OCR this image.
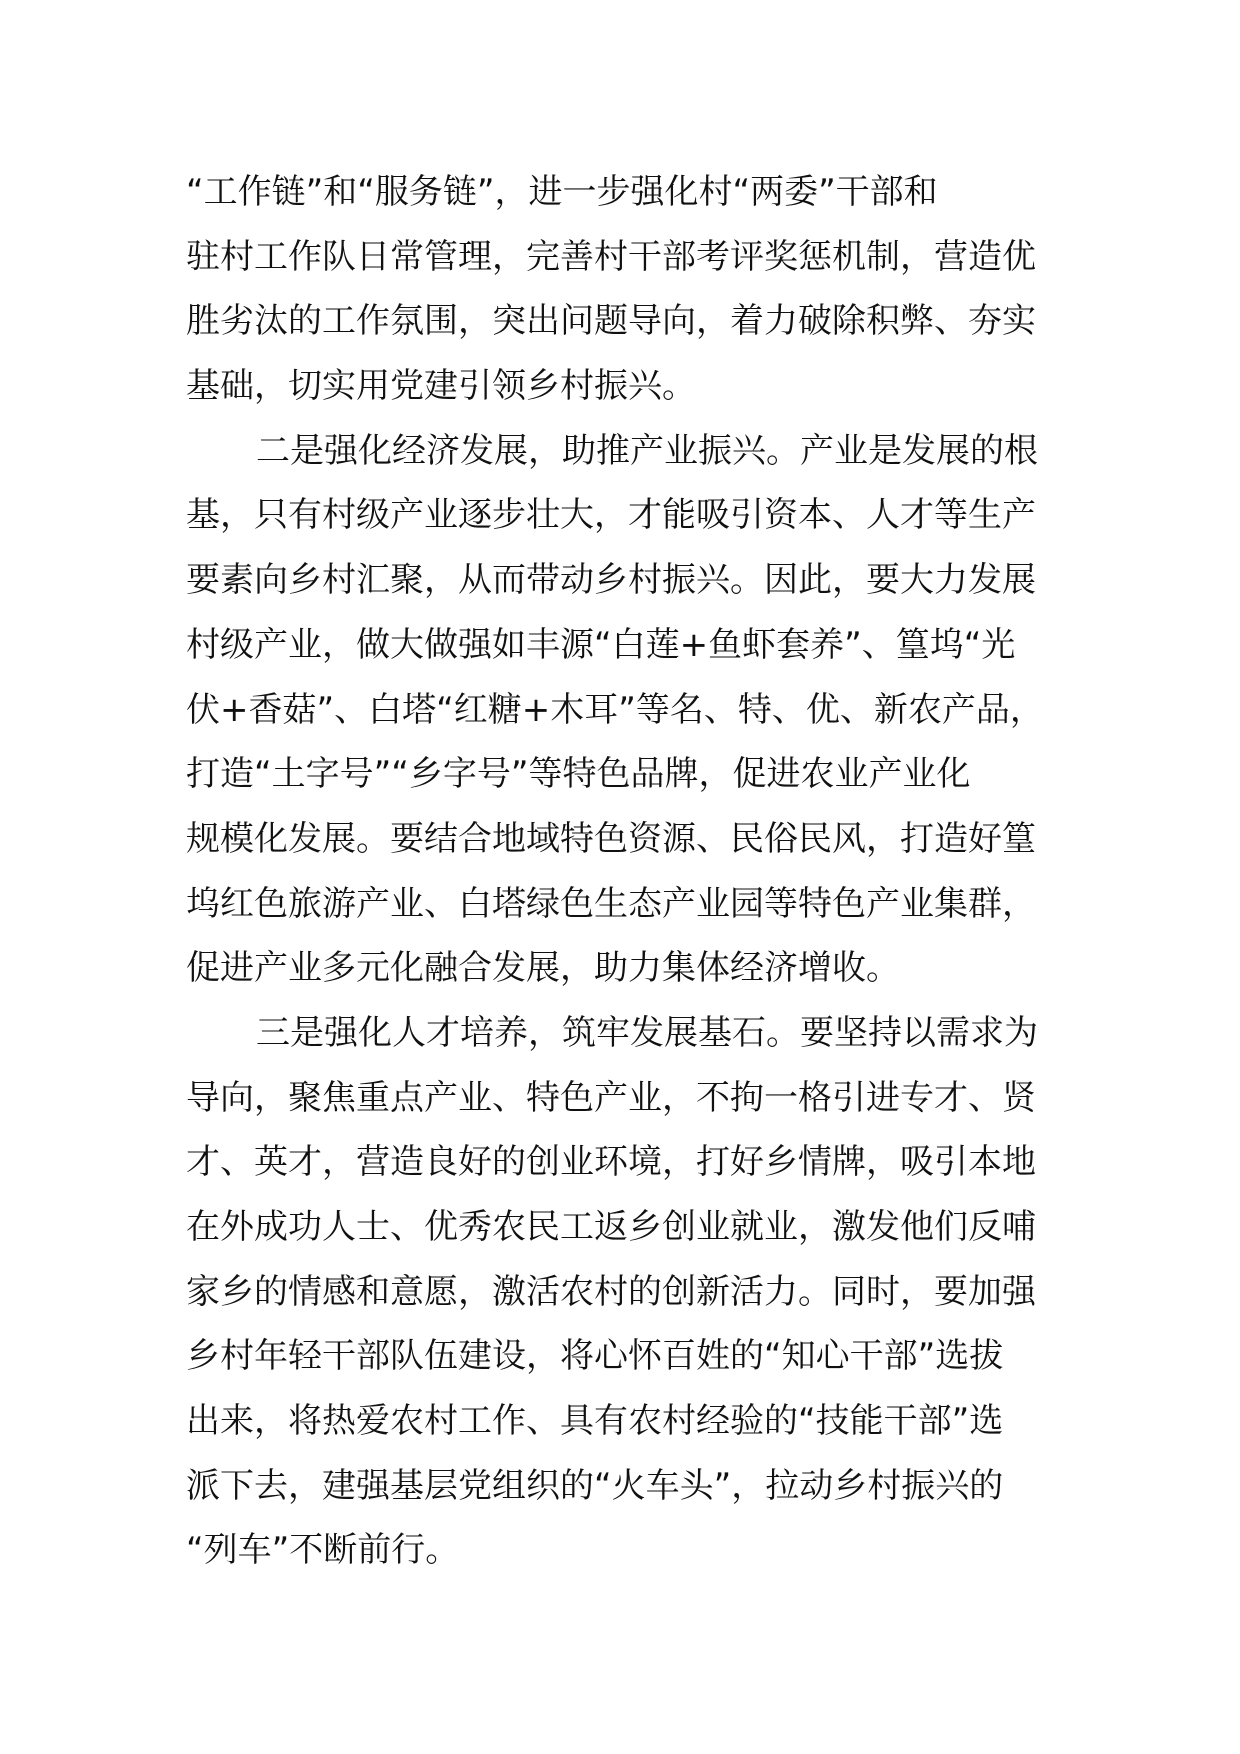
“工作链”和“服务链”，进一步强化村“两委”干部和
驻村工作队日常管理，完善村干部考评奖惩机制，营造优
胜劣汰的工作氛围，突出问题导向，着力破除积弊、夯实
基础，切实用党建引领乡村振兴。
二是强化经济发展，助推产业振兴。产业是发展的根
基，只有村级产业逐步壮大，才能吸引资本、人才等生产
要素向乡村汇聚，从而带动乡村振兴。因此，要大力发展
村级产业，做大做强如丰源“白莲+鱼虾套养”、篁坞“光
伏+香菇”、白塔“红糖+木耳”等名、特、优、新农产品，
打造“土字号”“乡字号”等特色品牌，促进农业产业化
规模化发展。要结合地域特色资源、民俗民风，打造好篁
坞红色旅游产业、白塔绿色生态产业园等特色产业集群，
促进产业多元化融合发展，助力集体经济增收。
三是强化人才培养，筑牢发展基石。要坚持以需求为
导向，聚焦重点产业、特色产业，不拘一格引进专才、贤
才、英才，营造良好的创业环境，打好乡情牌，吸引本地
在外成功人士、优秀农民工返乡创业就业，激发他们反哺
家乡的情感和意愿，激活农村的创新活力。同时，要加强
乡村年轻干部队伍建设，将心怀百姓的“知心干部”选拔
出来，将热爱农村工作、具有农村经验的“技能干部”选
派下去，建强基层党组织的“火车头”，拉动乡村振兴的
“列车”不断前行。
